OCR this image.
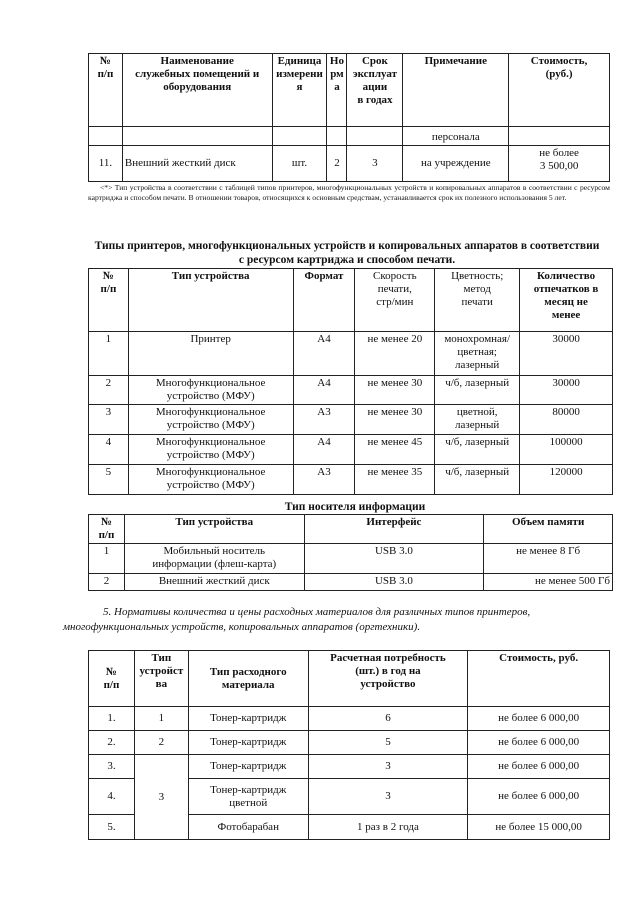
№
п/п	Наименование
служебных помещений и
оборудования	Единица
измерени
я	Но
рм
а	Срок
эксплуат
ации
в годах	Примечание	Стоимость,
(руб.)
					персонала	
11.	Внешний жесткий диск	шт.	2	3	на учреждение	не более
3 500,00
<*> Тип устройства в соответствии с таблицей типов принтеров, многофункциональных устройств и копировальных аппаратов в соответствии с ресурсом картриджа и способом печати. В отношении товаров, относящихся к основным средствам, устанавливается срок их полезного использования 5 лет.
Типы принтеров, многофункциональных устройств и копировальных аппаратов в соответствии с ресурсом картриджа и способом печати.
№
п/п	Тип устройства	Формат	Скорость
печати,
стр/мин	Цветность;
метод
печати	Количество
отпечатков в
месяц не
менее
1	Принтер	А4	не менее 20	монохромная/
цветная;
лазерный	30000
2	Многофункциональное
устройство (МФУ)	А4	не менее 30	ч/б, лазерный	30000
3	Многофункциональное
устройство (МФУ)	А3	не менее 30	цветной,
лазерный	80000
4	Многофункциональное
устройство (МФУ)	А4	не менее 45	ч/б, лазерный	100000
5	Многофункциональное
устройство (МФУ)	А3	не менее 35	ч/б, лазерный	120000
Тип носителя информации
№
п/п	Тип устройства	Интерфейс	Объем памяти
1	Мобильный носитель
информации (флеш-карта)	USB 3.0	не менее 8 Гб
2	Внешний жесткий диск	USB 3.0	не менее 500 Гб
5. Нормативы количества и цены расходных материалов для различных типов принтеров, многофункциональных устройств, копировальных аппаратов (оргтехники).
№
п/п	Тип
устройст
ва	Тип расходного
материала	Расчетная потребность
(шт.) в год на
устройство	Стоимость, руб.
1.	1	Тонер-картридж	6	не более 6 000,00
2.	2	Тонер-картридж	5	не более 6 000,00
3.	3	Тонер-картридж	3	не более 6 000,00
4.		Тонер-картридж
цветной	3	не более 6 000,00
5.		Фотобарабан	1 раз в 2 года	не более 15 000,00
